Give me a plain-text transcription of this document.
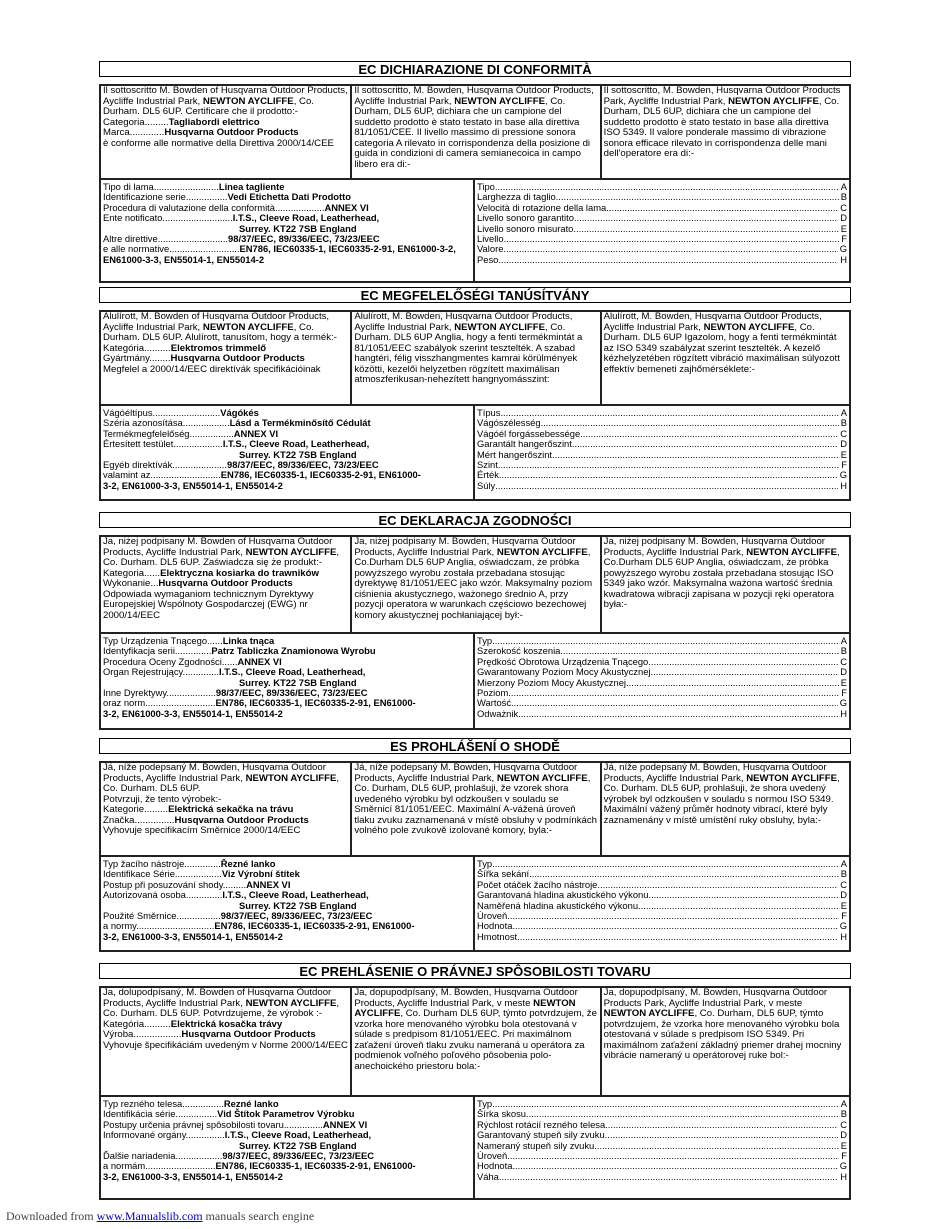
EC DICHIARAZIONE DI CONFORMITÀ
Il sottoscritto M. Bowden of Husqvarna Outdoor Products, Aycliffe Industrial Park, NEWTON AYCLIFFE, Co. Durham. DL5 6UP. Certificare che il prodotto:-
Categoria.........Tagliabordi elettrico
Marca.............Husqvarna Outdoor Products
è conforme alle normative della Direttiva 2000/14/CEE
Il sottoscritto, M. Bowden, Husqvarna Outdoor Products, Aycliffe Industrial Park, NEWTON AYCLIFFE, Co. Durham, DL5 6UP, dichiara che un campione del suddetto prodotto è stato testato in base alla direttiva 81/1051/CEE. Il livello massimo di pressione sonora categoria A rilevato in corrispondenza della posizione di guida in condizioni di camera semianecoica in campo libero era di:-
Il sottoscritto, M. Bowden, Husqvarna Outdoor Products Park, Aycliffe Industrial Park, NEWTON AYCLIFFE, Co. Durham, DL5 6UP, dichiara che un campione del suddetto prodotto è stato testato in base alla direttiva ISO 5349. Il valore ponderale massimo di vibrazione sonora efficace rilevato in corrispondenza delle mani dell'operatore era di:-
Tipo di lama......................... Linea tagliente
Identificazione serie................ Vedi Etichetta Dati Prodotto
Procedura di valutazione della conformità................... ANNEX VI
Ente notificato........................... I.T.S., Cleeve Road, Leatherhead,
Surrey. KT22 7SB England
Altre direttive........................... 98/37/EEC, 89/336/EEC, 73/23/EEC
e alle normative........................... EN786, IEC60335-1, IEC60335-2-91, EN61000-3-2,
EN61000-3-3, EN55014-1, EN55014-2
Tipo .....	A
Larghezza di taglio .....	B
Velocità di rotazione della lama .....	C
Livello sonoro garantito .....	D
Livello sonoro misurato .....	E
Livello .....	F
Valore .....	G
Peso .....	H
EC MEGFELELŐSÉGI TANÚSÍTVÁNY
Alulírott, M. Bowden of Husqvarna Outdoor Products, Aycliffe Industrial Park, NEWTON AYCLIFFE, Co. Durham. DL5 6UP. Alulírott, tanusítom, hogy a termék:-
Kategória..........Elektromos trimmelő
Gyártmány........Husqvarna Outdoor Products
Megfelel a 2000/14/EEC direktívák specifikációinak
Alulírott, M. Bowden, Husqvarna Outdoor Products, Aycliffe Industrial Park, NEWTON AYCLIFFE, Co. Durham. DL5 6UP Anglia, hogy a fenti termékmintát a 81/1051/EEC szabályok szerint tesztelték. A szabad hangtéri, félig visszhangmentes kamrai körülmények közötti, kezelői helyzetben rögzített maximálisan atmoszferikusan-nehezített hangnyomásszint:
Alulírott, M. Bowden, Husqvarna Outdoor Products, Aycliffe Industrial Park, NEWTON AYCLIFFE, Co. Durham. DL5 6UP Igazolom, hogy a fenti termékmintát az ISO 5349 szabályzat szerint tesztelték. A kezelő kézhelyzetében rögzített vibráció maximálisan súlyozott effektív bemeneti zajhőmérséklete:-
Vágóéltípus.......................... Vágókés
Széria azonosítása.................. Lásd a Termékminősítő Cédulát
Termékmegfelelőség................. ANNEX VI
Értesített testület................... I.T.S., Cleeve Road, Leatherhead,
Surrey. KT22 7SB England
Egyéb direktívák..................... 98/37/EEC, 89/336/EEC, 73/23/EEC
valamint az........................... EN786, IEC60335-1, IEC60335-2-91, EN61000-
3-2, EN61000-3-3, EN55014-1, EN55014-2
Típus .....	A
Vágószélesség .....	B
Vágóél forgássebessége .....	C
Garantált hangerőszint .....	D
Mért hangerőszint .....	E
Szint .....	F
Érték .....	G
Súly .....	H
EC DEKLARACJA ZGODNOŚCI
Ja, niżej podpisany M. Bowden of Husqvarna Outdoor Products, Aycliffe Industrial Park, NEWTON AYCLIFFE, Co. Durham. DL5 6UP. Zaświadcza się że produkt:-
Kategoria......Elektryczna kosiarka do trawników
Wykonanie...Husqvarna Outdoor Products
Odpowiada wymaganiom technicznym Dyrektywy Europejskiej Wspólnoty Gospodarczej (EWG) nr 2000/14/EEC
Ja, niżej podpisany M. Bowden, Husqvarna Outdoor Products, Aycliffe Industrial Park, NEWTON AYCLIFFE, Co.Durham DL5 6UP Anglia, oświadczam, że próbka powyższego wyrobu została przebadana stosując dyrektywę 81/1051/EEC jako wzór. Maksymalny poziom ciśnienia akustycznego, ważonego średnio A, przy pozycji operatora w warunkach częściowo bezechowej komory akustycznej pochłaniającej był:-
Ja, niżej podpisany M. Bowden, Husqvarna Outdoor Products, Aycliffe Industrial Park, NEWTON AYCLIFFE, Co.Durham DL5 6UP Anglia, oświadczam, że próbka powyższego wyrobu została przebadana stosując ISO 5349 jako wzór. Maksymalna ważona wartość średnia kwadratowa wibracji zapisana w pozycji ręki operatora była:-
Typ Urządzenia Tnącego...... Linka tnąca
Identyfikacja serii.............. Patrz Tabliczka Znamionowa Wyrobu
Procedura Oceny Zgodności...... ANNEX VI
Organ Rejestrujący.............. I.T.S., Cleeve Road, Leatherhead,
Surrey. KT22 7SB England
Inne Dyrektywy................... 98/37/EEC, 89/336/EEC, 73/23/EEC
oraz norm........................... EN786, IEC60335-1, IEC60335-2-91, EN61000-
3-2, EN61000-3-3, EN55014-1, EN55014-2
Typ .....	A
Szerokość koszenia .....	B
Prędkość Obrotowa Urządzenia Tnącego .....	C
Gwarantowany Poziom Mocy Akustycznej .....	D
Mierzony Poziom Mocy Akustycznej .....	E
Poziom .....	F
Wartość .....	G
Odważnik .....	H
ES PROHLÁŠENÍ O SHODĚ
Já, níže podepsaný M. Bowden, Husqvarna Outdoor Products, Aycliffe Industrial Park, NEWTON AYCLIFFE, Co. Durham. DL5 6UP.
Potvrzuji, že tento výrobek:-
Kategorie.........Elektrická sekačka na trávu
Značka...............Husqvarna Outdoor Products
Vyhovuje specifikacím Směrnice 2000/14/EEC
Já, níže podepsaný M. Bowden, Husqvarna Outdoor Products, Aycliffe Industrial Park, NEWTON AYCLIFFE, Co. Durham, DL5 6UP, prohlašuji, že vzorek shora uvedeného výrobku byl odzkoušen v souladu se Směrnicí 81/1051/EEC. Maximální A-vážená úroveň tlaku zvuku zaznamenaná v místě obsluhy v podmínkách volného pole zvukově izolované komory, byla:-
Já, níže podepsaný M. Bowden, Husqvarna Outdoor Products, Aycliffe Industrial Park, NEWTON AYCLIFFE, Co. Durham. DL5 6UP, prohlašuji, že shora uvedený výrobek byl odzkoušen v souladu s normou ISO 5349. Maximální vážený průměr hodnoty vibrací, které byly zaznamenány v místě umístění ruky obsluhy, byla:-
Typ žacího nástroje.............. Řezné lanko
Identifikace Série.................. Viz Výrobní štítek
Postup při posuzování shody......... ANNEX VI
Autorizovaná osoba.............. I.T.S., Cleeve Road, Leatherhead,
Surrey. KT22 7SB England
Použité Směrnice................. 98/37/EEC, 89/336/EEC, 73/23/EEC
a normy.............................. EN786, IEC60335-1, IEC60335-2-91, EN61000-
3-2, EN61000-3-3, EN55014-1, EN55014-2
Typ .....	A
Šířka sekání .....	B
Počet otáček žacího nástroje .....	C
Garantovaná hladina akustického výkonu .....	D
Naměřená hladina akustického výkonu .....	E
Úroveň .....	F
Hodnota .....	G
Hmotnost .....	H
EC PREHLÁSENIE O PRÁVNEJ SPÔSOBILOSTI TOVARU
Ja, dolupodpísaný, M. Bowden of Husqvarna Outdoor Products, Aycliffe Industrial Park, NEWTON AYCLIFFE, Co. Durham. DL5 6UP. Potvrdzujeme, že výrobok :-
Kategória..........Elektrická kosačka trávy
Výroba..................Husqvarna Outdoor Products
Vyhovuje špecifikáciám uvedeným v Norme 2000/14/EEC
Ja, dopupodpísaný, M. Bowden, Husqvarna Outdoor Products, Aycliffe Industrial Park, v meste NEWTON AYCLIFFE, Co. Durham DL5 6UP, týmto potvrdzujem, že vzorka hore menovaného výrobku bola otestovaná v súlade s predpisom 81/1051/EEC. Pri maximálnom zaťažení úroveň tlaku zvuku nameraná u operátora za podmienok voľného poľového pôsobenia polo-anechoického priestoru bola:-
Ja, dopupodpísaný, M. Bowden, Husqvarna Outdoor Products Park, Aycliffe Industrial Park, v meste NEWTON AYCLIFFE, Co. Durham, DL5 6UP, týmto potvrdzujem, že vzorka hore menovaného výrobku bola otestovaná v súlade s predpisom ISO 5349. Pri maximálnom zaťažení základný priemer drahej mocniny vibrácie nameraný u operátorovej ruke bol:-
Typ rezného telesa................ Rezné lanko
Identifikácia série................ Vid Štítok Parametrov Výrobku
Postupy určenia právnej spôsobilosti tovaru............... ANNEX VI
Informované orgány............... I.T.S., Cleeve Road, Leatherhead,
Surrey. KT22 7SB England
Ďalšie nariadenia.................. 98/37/EEC, 89/336/EEC, 73/23/EEC
a normám........................... EN786, IEC60335-1, IEC60335-2-91, EN61000-
3-2, EN61000-3-3, EN55014-1, EN55014-2
Typ .....	A
Šírka skosu .....	B
Rýchlost rotácií rezného telesa .....	C
Garantovaný stupeň sily zvuku .....	D
Nameraný stupeň sily zvuku .....	E
Úroveň .....	F
Hodnota .....	G
Váha .....	H
Downloaded from www.Manualslib.com manuals search engine
